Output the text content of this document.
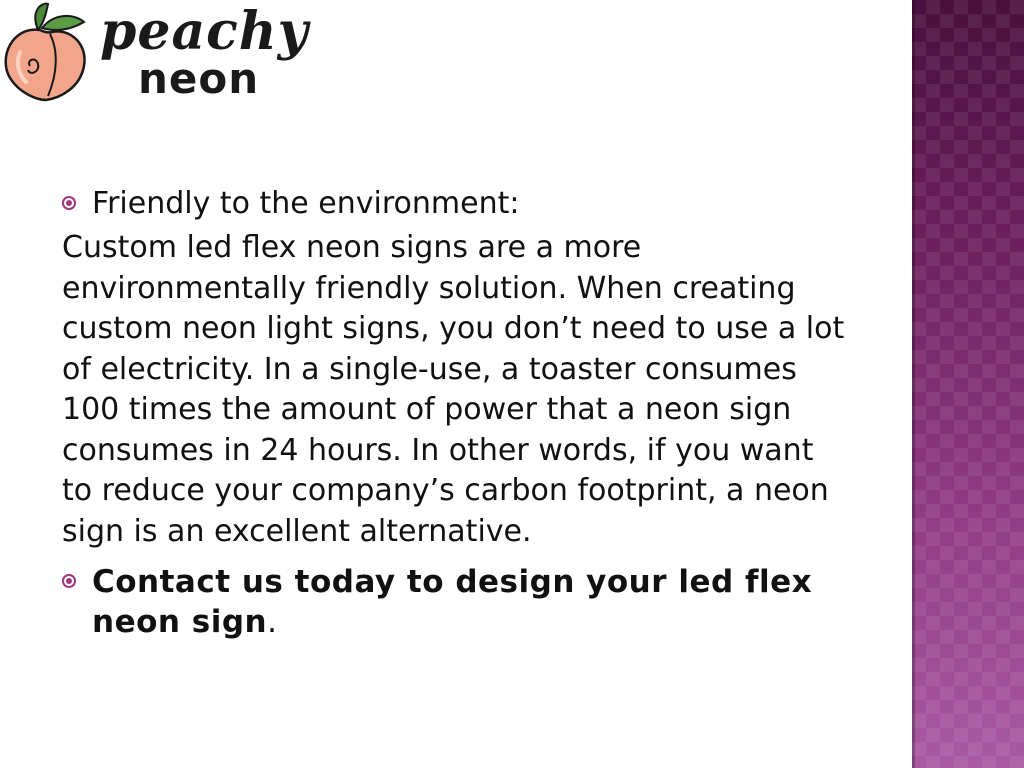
peachy
neon
Friendly to the environment:
Custom led flex neon signs are a more environmentally friendly solution. When creating custom neon light signs, you don’t need to use a lot of electricity. In a single-use, a toaster consumes 100 times the amount of power that a neon sign consumes in 24 hours. In other words, if you want to reduce your company’s carbon footprint, a neon sign is an excellent alternative.
Contact us today to design your led flex neon sign.
